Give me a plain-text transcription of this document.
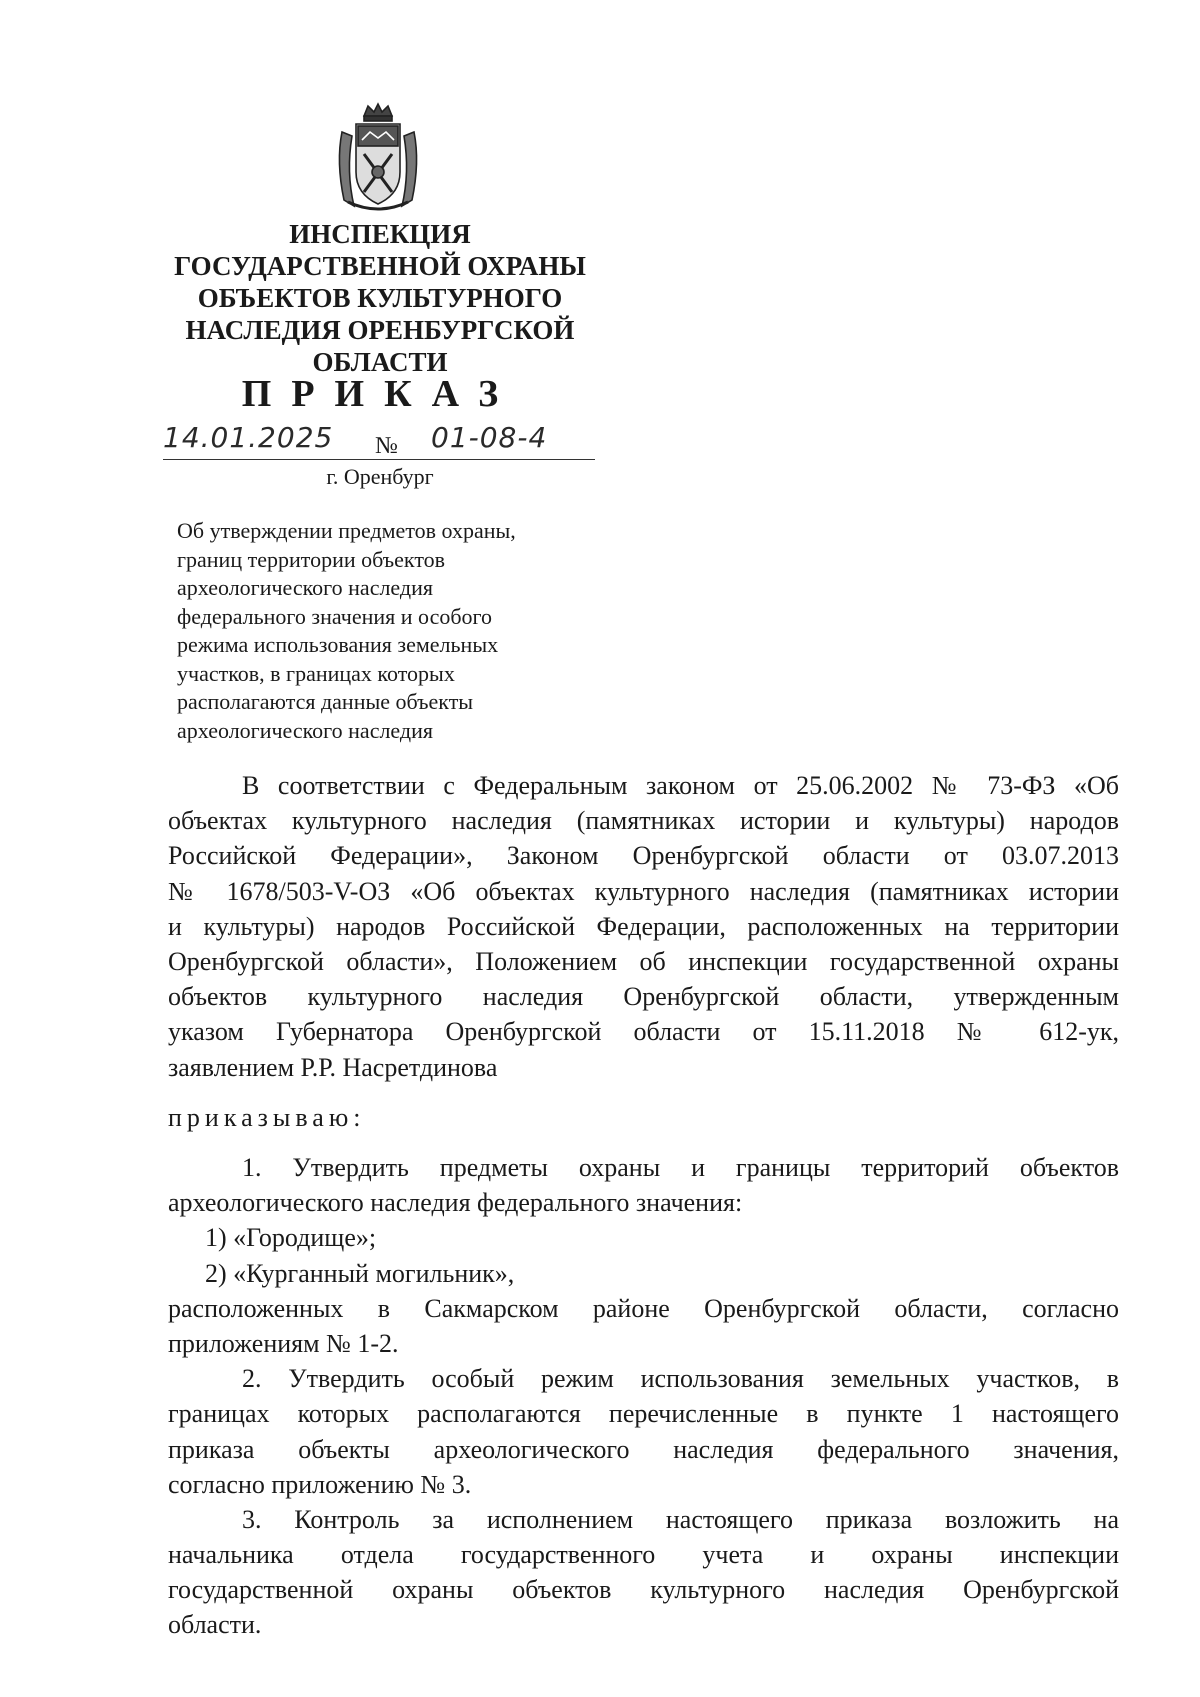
ИНСПЕКЦИЯ
ГОСУДАРСТВЕННОЙ ОХРАНЫ
ОБЪЕКТОВ КУЛЬТУРНОГО
НАСЛЕДИЯ ОРЕНБУРГСКОЙ
ОБЛАСТИ
ПРИКАЗ
14.01.2025 № 01-08-4
г. Оренбург
Об утверждении предметов охраны,
границ территории объектов
археологического наследия
федерального значения и особого
режима использования земельных
участков, в границах которых
располагаются данные объекты
археологического наследия
В соответствии с Федеральным законом от 25.06.2002 № 73-ФЗ «Об
объектах культурного наследия (памятниках истории и культуры) народов
Российской Федерации», Законом Оренбургской области от 03.07.2013
№ 1678/503-V-ОЗ «Об объектах культурного наследия (памятниках истории
и культуры) народов Российской Федерации, расположенных на территории
Оренбургской области», Положением об инспекции государственной охраны
объектов культурного наследия Оренбургской области, утвержденным
указом Губернатора Оренбургской области от 15.11.2018 № 612-ук,
заявлением Р.Р. Насретдинова
приказываю:
1. Утвердить предметы охраны и границы территорий объектов
археологического наследия федерального значения:
1) «Городище»;
2) «Курганный могильник»,
расположенных в Сакмарском районе Оренбургской области, согласно
приложениям № 1-2.
2. Утвердить особый режим использования земельных участков, в
границах которых располагаются перечисленные в пункте 1 настоящего
приказа объекты археологического наследия федерального значения,
согласно приложению № 3.
3. Контроль за исполнением настоящего приказа возложить на
начальника отдела государственного учета и охраны инспекции
государственной охраны объектов культурного наследия Оренбургской
области.
